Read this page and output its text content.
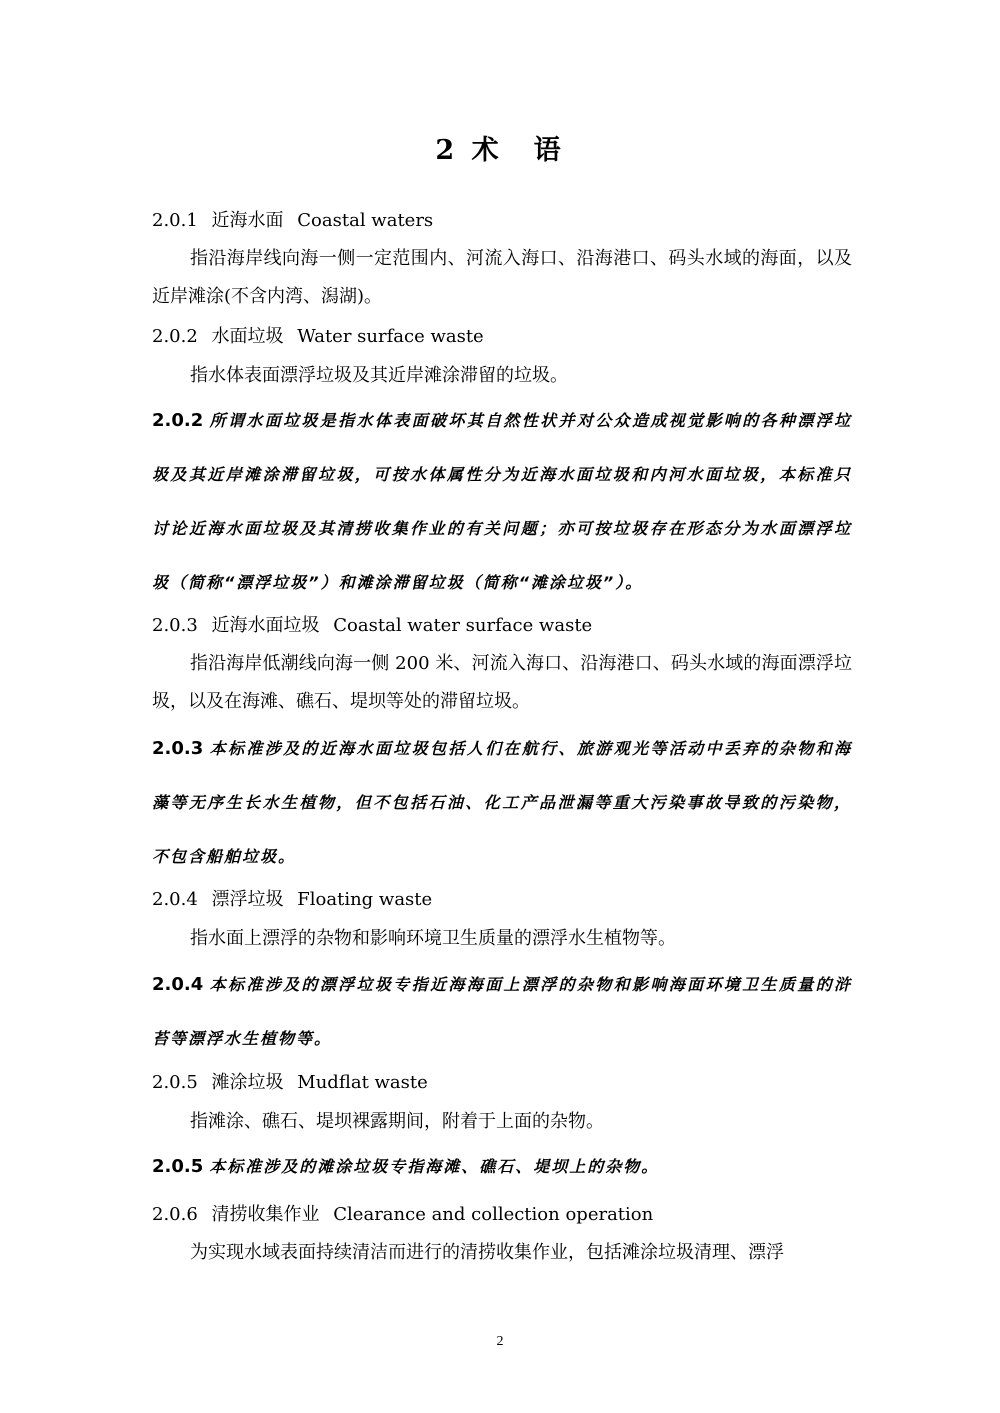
2 术　语
2.0.1 近海水面 Coastal waters
指沿海岸线向海一侧一定范围内、河流入海口、沿海港口、码头水域的海面，以及近岸滩涂(不含内湾、潟湖)。
2.0.2 水面垃圾 Water surface waste
指水体表面漂浮垃圾及其近岸滩涂滞留的垃圾。
2.0.2 所谓水面垃圾是指水体表面破坏其自然性状并对公众造成视觉影响的各种漂浮垃圾及其近岸滩涂滞留垃圾，可按水体属性分为近海水面垃圾和内河水面垃圾，本标准只讨论近海水面垃圾及其清捞收集作业的有关问题；亦可按垃圾存在形态分为水面漂浮垃圾（简称“漂浮垃圾”）和滩涂滞留垃圾（简称“滩涂垃圾”）。
2.0.3 近海水面垃圾 Coastal water surface waste
指沿海岸低潮线向海一侧 200 米、河流入海口、沿海港口、码头水域的海面漂浮垃圾，以及在海滩、礁石、堤坝等处的滞留垃圾。
2.0.3 本标准涉及的近海水面垃圾包括人们在航行、旅游观光等活动中丢弃的杂物和海藻等无序生长水生植物，但不包括石油、化工产品泄漏等重大污染事故导致的污染物，不包含船舶垃圾。
2.0.4 漂浮垃圾 Floating waste
指水面上漂浮的杂物和影响环境卫生质量的漂浮水生植物等。
2.0.4 本标准涉及的漂浮垃圾专指近海海面上漂浮的杂物和影响海面环境卫生质量的浒苔等漂浮水生植物等。
2.0.5 滩涂垃圾 Mudflat waste
指滩涂、礁石、堤坝裸露期间，附着于上面的杂物。
2.0.5 本标准涉及的滩涂垃圾专指海滩、礁石、堤坝上的杂物。
2.0.6 清捞收集作业 Clearance and collection operation
为实现水域表面持续清洁而进行的清捞收集作业，包括滩涂垃圾清理、漂浮
2
